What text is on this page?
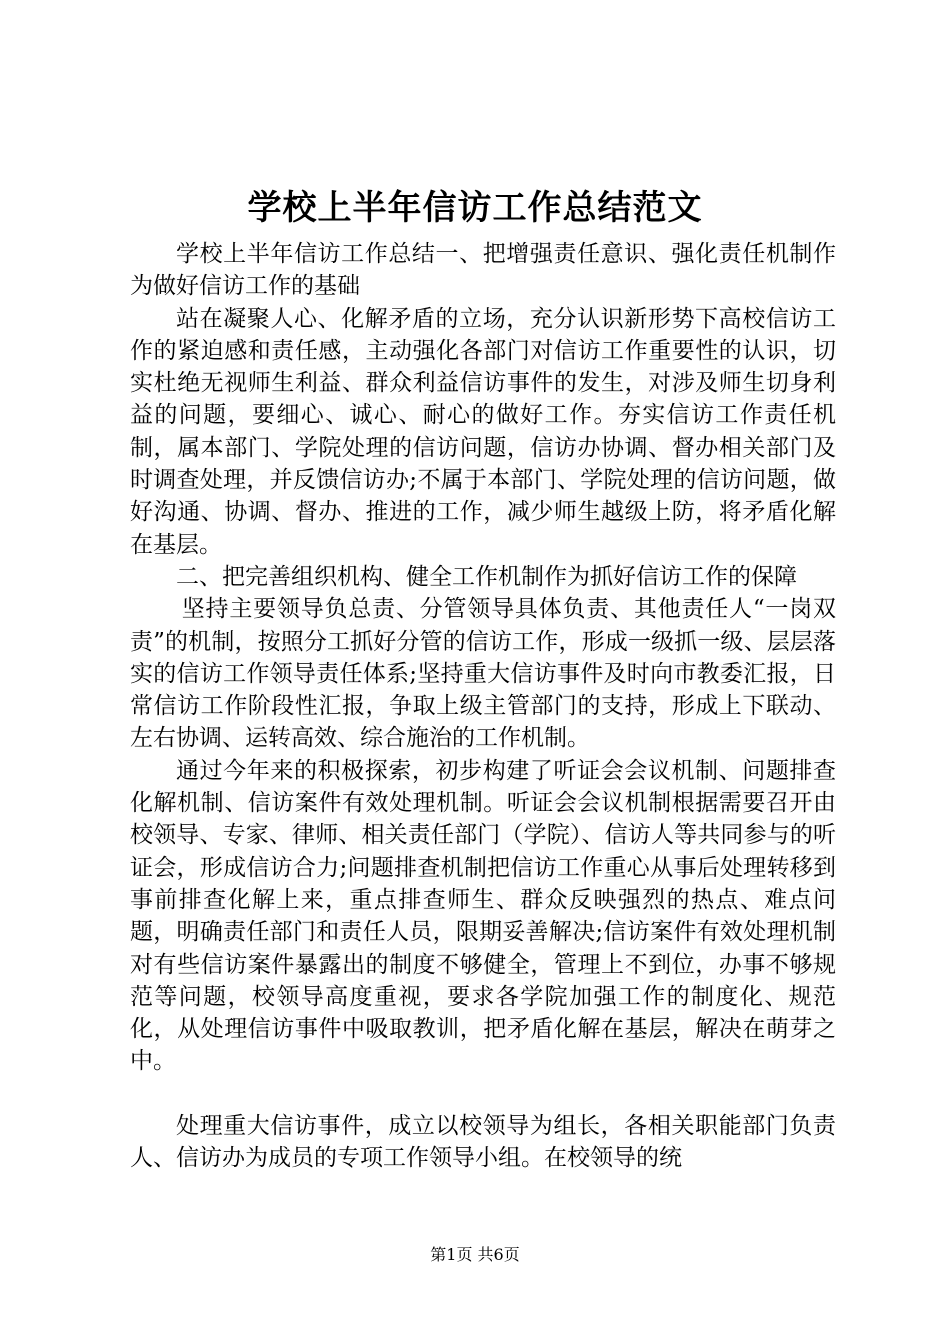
学校上半年信访工作总结范文

学校上半年信访工作总结一、把增强责任意识、强化责任机制作为做好信访工作的基础

站在凝聚人心、化解矛盾的立场，充分认识新形势下高校信访工作的紧迫感和责任感，主动强化各部门对信访工作重要性的认识，切实杜绝无视师生利益、群众利益信访事件的发生，对涉及师生切身利益的问题，要细心、诚心、耐心的做好工作。夯实信访工作责任机制，属本部门、学院处理的信访问题，信访办协调、督办相关部门及时调查处理，并反馈信访办;不属于本部门、学院处理的信访问题，做好沟通、协调、督办、推进的工作，减少师生越级上防，将矛盾化解在基层。

二、把完善组织机构、健全工作机制作为抓好信访工作的保障

坚持主要领导负总责、分管领导具体负责、其他责任人“一岗双责”的机制，按照分工抓好分管的信访工作，形成一级抓一级、层层落实的信访工作领导责任体系;坚持重大信访事件及时向市教委汇报，日常信访工作阶段性汇报，争取上级主管部门的支持，形成上下联动、左右协调、运转高效、综合施治的工作机制。

通过今年来的积极探索，初步构建了听证会会议机制、问题排查化解机制、信访案件有效处理机制。听证会会议机制根据需要召开由校领导、专家、律师、相关责任部门（学院）、信访人等共同参与的听证会，形成信访合力;问题排查机制把信访工作重心从事后处理转移到事前排查化解上来，重点排查师生、群众反映强烈的热点、难点问题，明确责任部门和责任人员，限期妥善解决;信访案件有效处理机制对有些信访案件暴露出的制度不够健全，管理上不到位，办事不够规范等问题，校领导高度重视，要求各学院加强工作的制度化、规范化，从处理信访事件中吸取教训，把矛盾化解在基层，解决在萌芽之中。

处理重大信访事件，成立以校领导为组长，各相关职能部门负责人、信访办为成员的专项工作领导小组。在校领导的统

第1页 共6页
